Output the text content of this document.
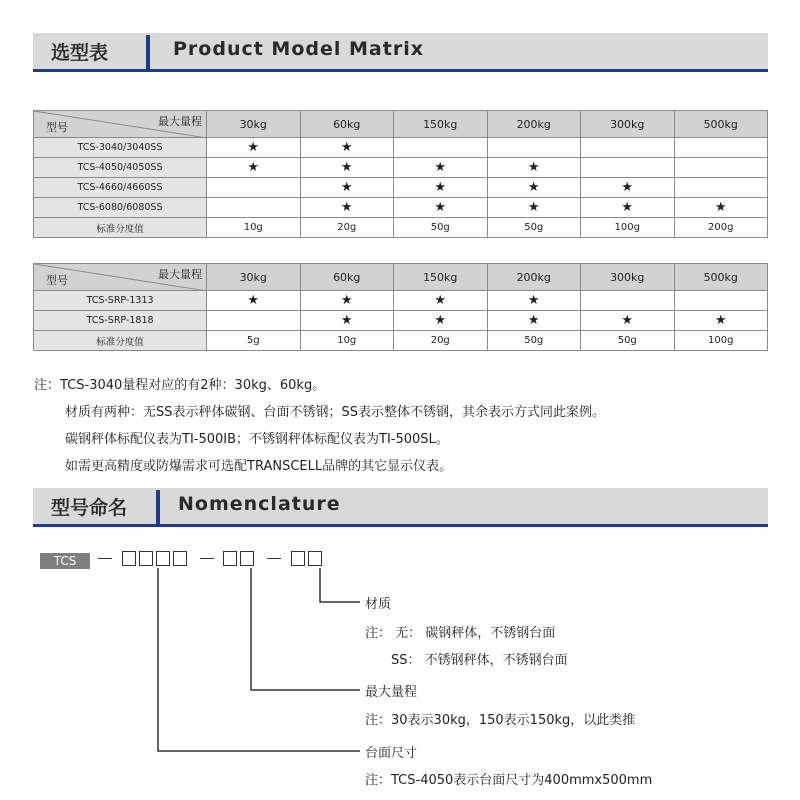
选型表	Product Model Matrix
最大量程
型号	30kg	60kg	150kg	200kg	300kg	500kg
TCS-3040/3040SS	★	★				
TCS-4050/4050SS	★	★	★	★		
TCS-4660/4660SS		★	★	★	★	
TCS-6080/6080SS		★	★	★	★	★
标准分度值	10g	20g	50g	50g	100g	200g
最大量程
型号	30kg	60kg	150kg	200kg	300kg	500kg
TCS-SRP-1313	★	★	★	★		
TCS-SRP-1818		★	★	★	★	★
标准分度值	5g	10g	20g	50g	50g	100g
注：TCS-3040量程对应的有2种：30kg、60kg。
材质有两种：无SS表示秤体碳钢、台面不锈钢；SS表示整体不锈钢，其余表示方式同此案例。
碳钢秤体标配仪表为TI-500IB；不锈钢秤体标配仪表为TI-500SL。
如需更高精度或防爆需求可选配TRANSCELL品牌的其它显示仪表。
型号命名	Nomenclature
TCS

材质
注： 无： 碳钢秤体，不锈钢台面
SS： 不锈钢秤体，不锈钢台面
最大量程
注：30表示30kg，150表示150kg，以此类推
台面尺寸
注：TCS-4050表示台面尺寸为400mmx500mm
